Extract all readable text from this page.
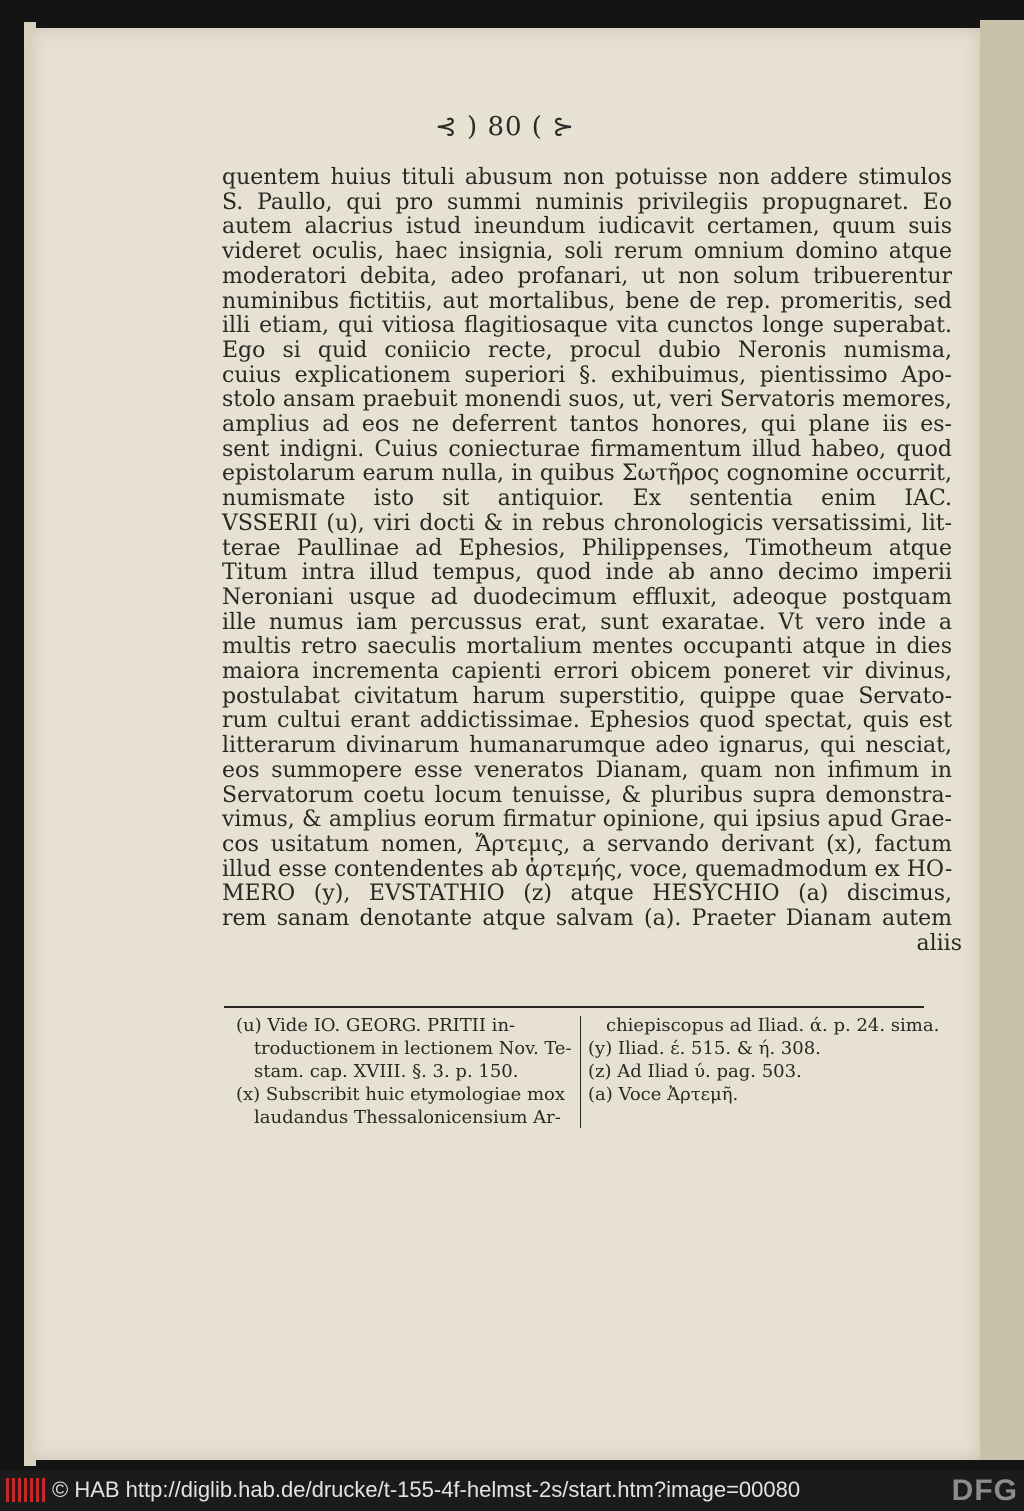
⊰ ) 80 ( ⊱
quentem huius tituli abusum non potuisse non addere stimulos
S. Paullo, qui pro summi numinis privilegiis propugnaret. Eo
autem alacrius istud ineundum iudicavit certamen, quum suis
videret oculis, haec insignia, soli rerum omnium domino atque
moderatori debita, adeo profanari, ut non solum tribuerentur
numinibus fictitiis, aut mortalibus, bene de rep. promeritis, sed
illi etiam, qui vitiosa flagitiosaque vita cunctos longe superabat.
Ego si quid coniicio recte, procul dubio Neronis numisma,
cuius explicationem superiori §. exhibuimus, pientissimo Apo-
stolo ansam praebuit monendi suos, ut, veri Servatoris memores,
amplius ad eos ne deferrent tantos honores, qui plane iis es-
sent indigni. Cuius coniecturae firmamentum illud habeo, quod
epistolarum earum nulla, in quibus Σωτῆρος cognomine occurrit,
numismate isto sit antiquior. Ex sententia enim IAC.
VSSERII (u), viri docti & in rebus chronologicis versatissimi, lit-
terae Paullinae ad Ephesios, Philippenses, Timotheum atque
Titum intra illud tempus, quod inde ab anno decimo imperii
Neroniani usque ad duodecimum effluxit, adeoque postquam
ille numus iam percussus erat, sunt exaratae. Vt vero inde a
multis retro saeculis mortalium mentes occupanti atque in dies
maiora incrementa capienti errori obicem poneret vir divinus,
postulabat civitatum harum superstitio, quippe quae Servato-
rum cultui erant addictissimae. Ephesios quod spectat, quis est
litterarum divinarum humanarumque adeo ignarus, qui nesciat,
eos summopere esse veneratos Dianam, quam non infimum in
Servatorum coetu locum tenuisse, & pluribus supra demonstra-
vimus, & amplius eorum firmatur opinione, qui ipsius apud Grae-
cos usitatum nomen, Ἄρτεμις, a servando derivant (x), factum
illud esse contendentes ab ἀρτεμής, voce, quemadmodum ex HO-
MERO (y), EVSTATHIO (z) atque HESYCHIO (a) discimus,
rem sanam denotante atque salvam (a). Praeter Dianam autem
aliis
(u) Vide IO. GEORG. PRITII in-
troductionem in lectionem Nov. Te-
stam. cap. XVIII. §. 3. p. 150.
(x) Subscribit huic etymologiae mox
laudandus Thessalonicensium Ar-
chiepiscopus ad Iliad. ά. p. 24. sima.
(y) Iliad. έ. 515. & ή. 308.
(z) Ad Iliad ύ. pag. 503.
(a) Voce Ἀρτεμῆ.
© HAB http://diglib.hab.de/drucke/t-155-4f-helmst-2s/start.htm?image=00080	DFG
